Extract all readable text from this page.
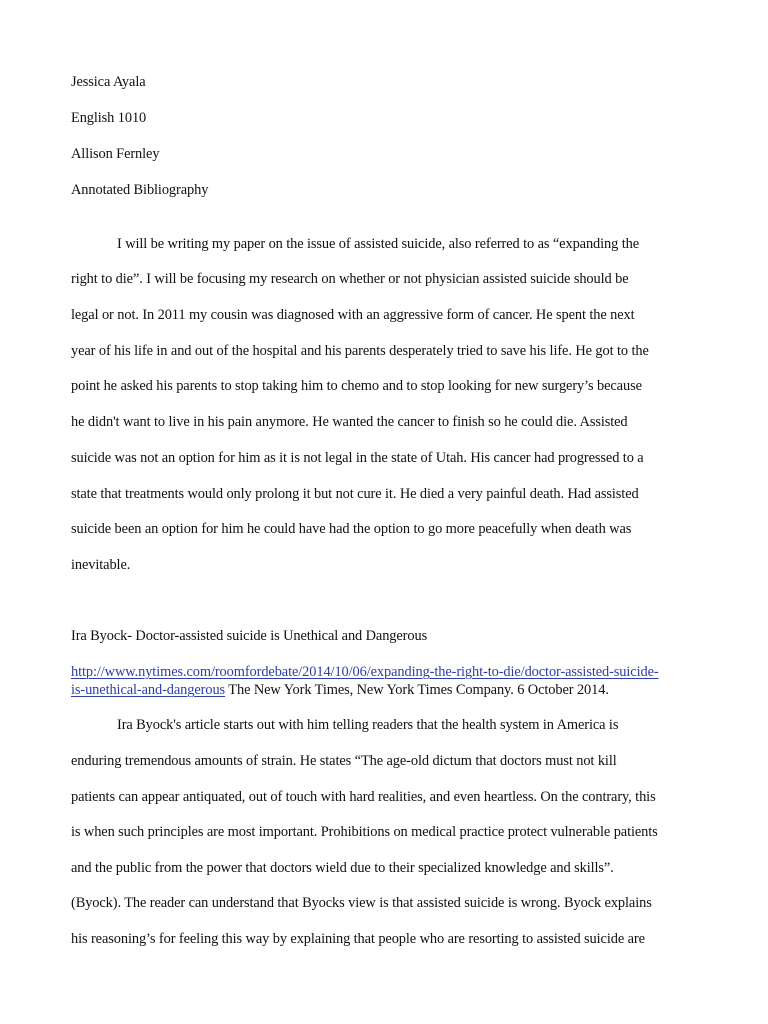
Jessica Ayala
English 1010
Allison Fernley
Annotated Bibliography
I will be writing my paper on the issue of assisted suicide, also referred to as “expanding the
right to die”. I will be focusing my research on whether or not physician assisted suicide should be
legal or not. In 2011 my cousin was diagnosed with an aggressive form of cancer. He spent the next
year of his life in and out of the hospital and his parents desperately tried to save his life. He got to the
point he asked his parents to stop taking him to chemo and to stop looking for new surgery’s because
he didn't want to live in his pain anymore. He wanted the cancer to finish so he could die. Assisted
suicide was not an option for him as it is not legal in the state of Utah. His cancer had progressed to a
state that treatments would only prolong it but not cure it. He died a very painful death. Had assisted
suicide been an option for him he could have had the option to go more peacefully when death was
inevitable.
Ira Byock- Doctor-assisted suicide is Unethical and Dangerous
http://www.nytimes.com/roomfordebate/2014/10/06/expanding-the-right-to-die/doctor-assisted-suicide-
is-unethical-and-dangerous The New York Times, New York Times Company. 6 October 2014.
Ira Byock's article starts out with him telling readers that the health system in America is
enduring tremendous amounts of strain. He states “The age-old dictum that doctors must not kill
patients can appear antiquated, out of touch with hard realities, and even heartless. On the contrary, this
is when such principles are most important. Prohibitions on medical practice protect vulnerable patients
and the public from the power that doctors wield due to their specialized knowledge and skills”.
(Byock). The reader can understand that Byocks view is that assisted suicide is wrong. Byock explains
his reasoning’s for feeling this way by explaining that people who are resorting to assisted suicide are
